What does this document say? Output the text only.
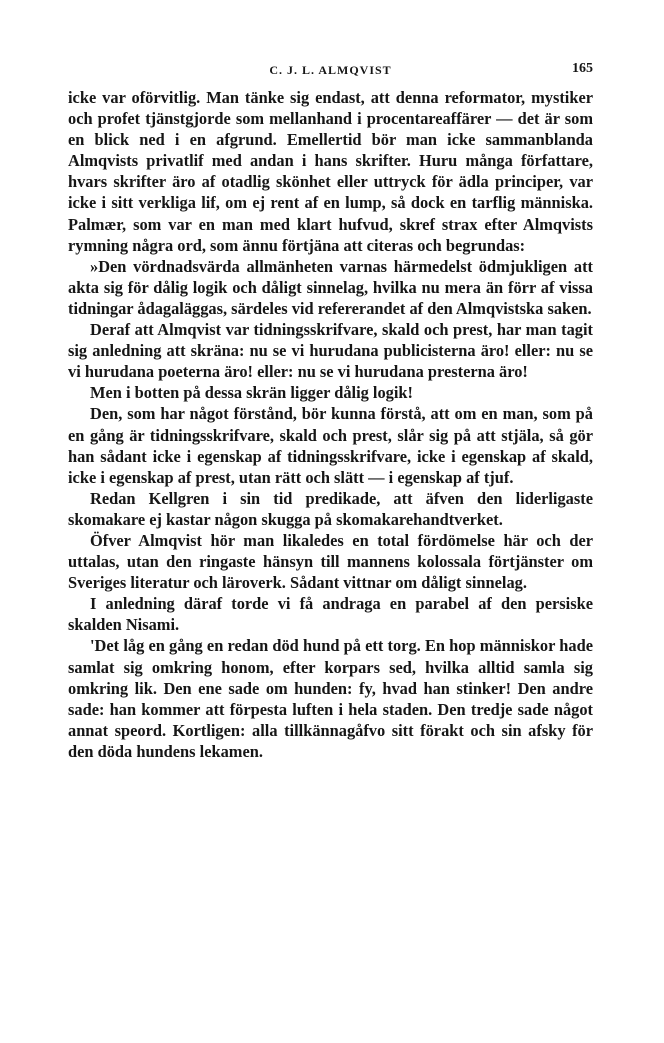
C. J. L. ALMQVIST	165

icke var oförvitlig. Man tänke sig endast, att denna reformator, mystiker och profet tjänstgjorde som mellanhand i procentareaffärer — det är som en blick ned i en afgrund. Emellertid bör man icke sammanblanda Almqvists privatlif med andan i hans skrifter. Huru många författare, hvars skrifter äro af otadlig skönhet eller uttryck för ädla principer, var icke i sitt verkliga lif, om ej rent af en lump, så dock en tarflig människa. Palmær, som var en man med klart hufvud, skref strax efter Almqvists rymning några ord, som ännu förtjäna att citeras och begrundas:

»Den vördnadsvärda allmänheten varnas härmedelst ödmjukligen att akta sig för dålig logik och dåligt sinnelag, hvilka nu mera än förr af vissa tidningar ådagaläggas, särdeles vid refererandet af den Almqvistska saken.

Deraf att Almqvist var tidningsskrifvare, skald och prest, har man tagit sig anledning att skräna: nu se vi hurudana publicisterna äro! eller: nu se vi hurudana poeterna äro! eller: nu se vi hurudana presterna äro!

Men i botten på dessa skrän ligger dålig logik!

Den, som har något förstånd, bör kunna förstå, att om en man, som på en gång är tidningsskrifvare, skald och prest, slår sig på att stjäla, så gör han sådant icke i egenskap af tidningsskrifvare, icke i egenskap af skald, icke i egenskap af prest, utan rätt och slätt — i egenskap af tjuf.

Redan Kellgren i sin tid predikade, att äfven den liderligaste skomakare ej kastar någon skugga på skomakarehandtverket.

Öfver Almqvist hör man likaledes en total fördömelse här och der uttalas, utan den ringaste hänsyn till mannens kolossala förtjänster om Sveriges literatur och läroverk. Sådant vittnar om dåligt sinnelag.

I anledning däraf torde vi få andraga en parabel af den persiske skalden Nisami.

'Det låg en gång en redan död hund på ett torg. En hop människor hade samlat sig omkring honom, efter korpars sed, hvilka alltid samla sig omkring lik. Den ene sade om hunden: fy, hvad han stinker! Den andre sade: han kommer att förpesta luften i hela staden. Den tredje sade något annat speord. Kortligen: alla tillkännagåfvo sitt förakt och sin afsky för den döda hundens lekamen.
